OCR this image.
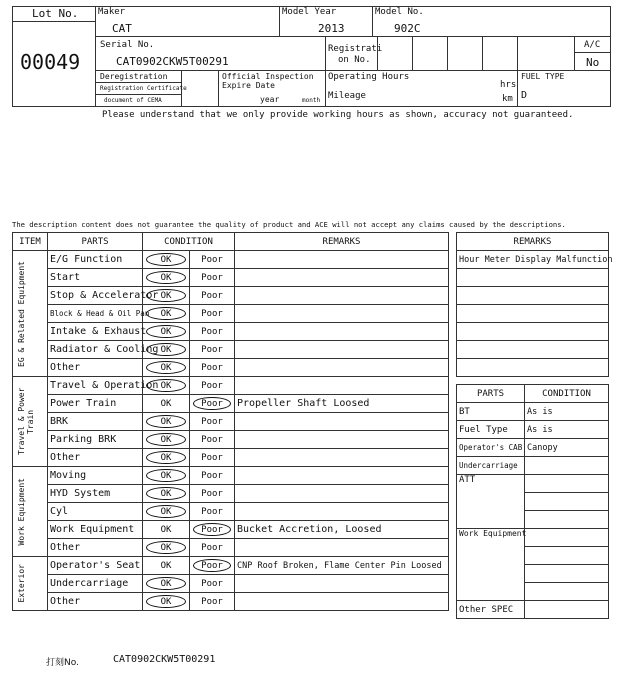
Lot No.
00049
Maker
CAT
Model Year
2013
Model No.
902C
Serial No.
CAT0902CKW5T00291
Registrati
on No.
A/C
No
Deregistration
Registration Certificate
document of CEMA
Official Inspection
Expire Date
year	month
Operating Hours
hrs
Mileage	km
FUEL TYPE
D
Please understand that we only provide working hours as shown, accuracy not guaranteed.
The description content does not guarantee the quality of product and ACE will not accept any claims caused by the descriptions.
ITEM	PARTS	CONDITION		REMARKS

EG & Related Equipment	E/G Function	OK	Poor	
	Start	OK	Poor	
	Stop & Accelerator	OK	Poor	
	Block & Head & Oil Pan	OK	Poor	
	Intake & Exhaust	OK	Poor	
	Radiator & Cooling	OK	Poor	
	Other	OK	Poor	

Travel & Power Train	Travel & Operation	OK	Poor	
	Power Train	OK	Poor	Propeller Shaft Loosed
	BRK	OK	Poor	
	Parking BRK	OK	Poor	
	Other	OK	Poor	

Work Equipment	Moving	OK	Poor	
	HYD System	OK	Poor	
	Cyl	OK	Poor	
	Work Equipment	OK	Poor	Bucket Accretion, Loosed
	Other	OK	Poor	

Exterior	Operator's Seat	OK	Poor	CNP Roof Broken, Flame Center Pin Loosed
	Undercarriage	OK	Poor	
	Other	OK	Poor	
REMARKS
Hour Meter Display Malfunction

PARTS	CONDITION
BT	As is
Fuel Type	As is
Operator's CAB	Canopy
Undercarriage	
ATT	

Work Equipment	

Other SPEC	
打刻No.	CAT0902CKW5T00291
